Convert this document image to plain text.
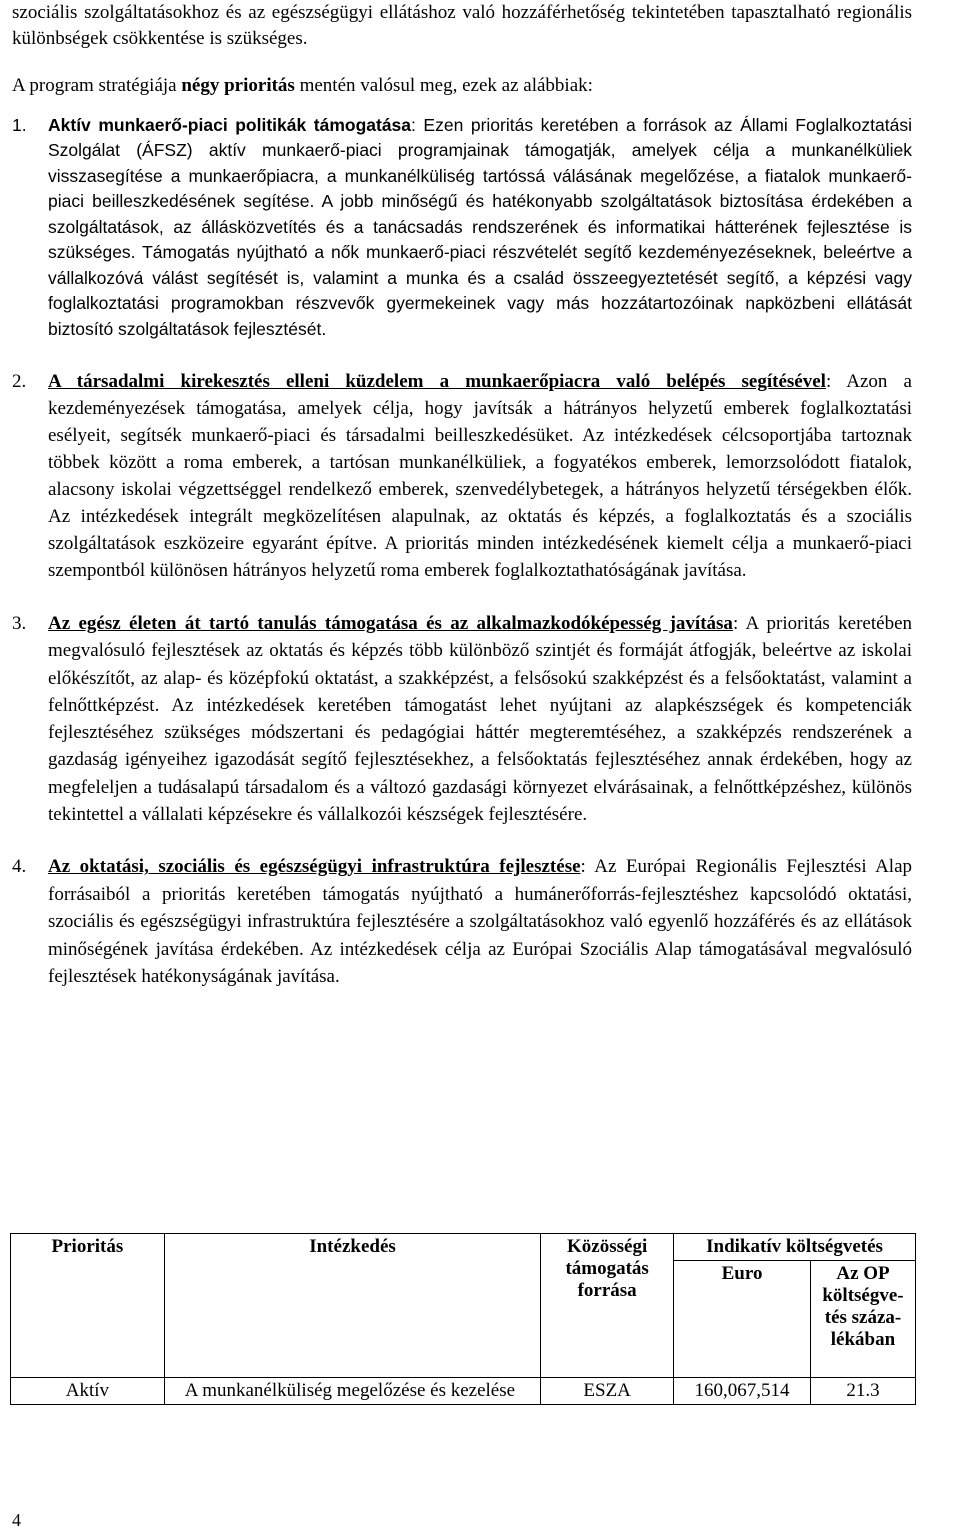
szociális szolgáltatásokhoz és az egészségügyi ellátáshoz való hozzáférhetőség tekintetében tapasztalható regionális különbségek csökkentése is szükséges.

A program stratégiája négy prioritás mentén valósul meg, ezek az alábbiak:

1. Aktív munkaerő-piaci politikák támogatása: Ezen prioritás keretében a források az Állami Foglalkoztatási Szolgálat (ÁFSZ) aktív munkaerő-piaci programjainak támogatják, amelyek célja a munkanélküliek visszasegítése a munkaerőpiacra, a munkanélküliség tartóssá válásának megelőzése, a fiatalok munkaerő-piaci beilleszkedésének segítése. A jobb minőségű és hatékonyabb szolgáltatások biztosítása érdekében a szolgáltatások, az állásközvetítés és a tanácsadás rendszerének és informatikai hátterének fejlesztése is szükséges. Támogatás nyújtható a nők munkaerő-piaci részvételét segítő kezdeményezéseknek, beleértve a vállalkozóvá válást segítését is, valamint a munka és a család összeegyeztetését segítő, a képzési vagy foglalkoztatási programokban részvevők gyermekeinek vagy más hozzátartozóinak napközbeni ellátását biztosító szolgáltatások fejlesztését.
2. A társadalmi kirekesztés elleni küzdelem a munkaerőpiacra való belépés segítésével: Azon a kezdeményezések támogatása, amelyek célja, hogy javítsák a hátrányos helyzetű emberek foglalkoztatási esélyeit, segítsék munkaerő-piaci és társadalmi beilleszkedésüket. Az intézkedések célcsoportjába tartoznak többek között a roma emberek, a tartósan munkanélküliek, a fogyatékos emberek, lemorzsolódott fiatalok, alacsony iskolai végzettséggel rendelkező emberek, szenvedélybetegek, a hátrányos helyzetű térségekben élők. Az intézkedések integrált megközelítésen alapulnak, az oktatás és képzés, a foglalkoztatás és a szociális szolgáltatások eszközeire egyaránt építve. A prioritás minden intézkedésének kiemelt célja a munkaerő-piaci szempontból különösen hátrányos helyzetű roma emberek foglalkoztathatóságának javítása.
3. Az egész életen át tartó tanulás támogatása és az alkalmazkodóképesség javítása: A prioritás keretében megvalósuló fejlesztések az oktatás és képzés több különböző szintjét és formáját átfogják, beleértve az iskolai előkészítőt, az alap- és középfokú oktatást, a szakképzést, a felsősokú szakképzést és a felsőoktatást, valamint a felnőttképzést. Az intézkedések keretében támogatást lehet nyújtani az alapkészségek és kompetenciák fejlesztéséhez szükséges módszertani és pedagógiai háttér megteremtéséhez, a szakképzés rendszerének a gazdaság igényeihez igazodását segítő fejlesztésekhez, a felsőoktatás fejlesztéséhez annak érdekében, hogy az megfeleljen a tudásalapú társadalom és a változó gazdasági környezet elvárásainak, a felnőttképzéshez, különös tekintettel a vállalati képzésekre és vállalkozói készségek fejlesztésére.
4. Az oktatási, szociális és egészségügyi infrastruktúra fejlesztése: Az Európai Regionális Fejlesztési Alap forrásaiból a prioritás keretében támogatás nyújtható a humánerőforrás-fejlesztéshez kapcsolódó oktatási, szociális és egészségügyi infrastruktúra fejlesztésére a szolgáltatásokhoz való egyenlő hozzáférés és az ellátások minőségének javítása érdekében. Az intézkedések célja az Európai Szociális Alap támogatásával megvalósuló fejlesztések hatékonyságának javítása.
Prioritás	Intézkedés	Közösségi támogatás forrása	Indikatív költségvetés	
			Euro	Az OP költségve-tés százalékában
Aktív	A munkanélküliség megelőzése és kezelése	ESZA	160,067,514	21.3
4
